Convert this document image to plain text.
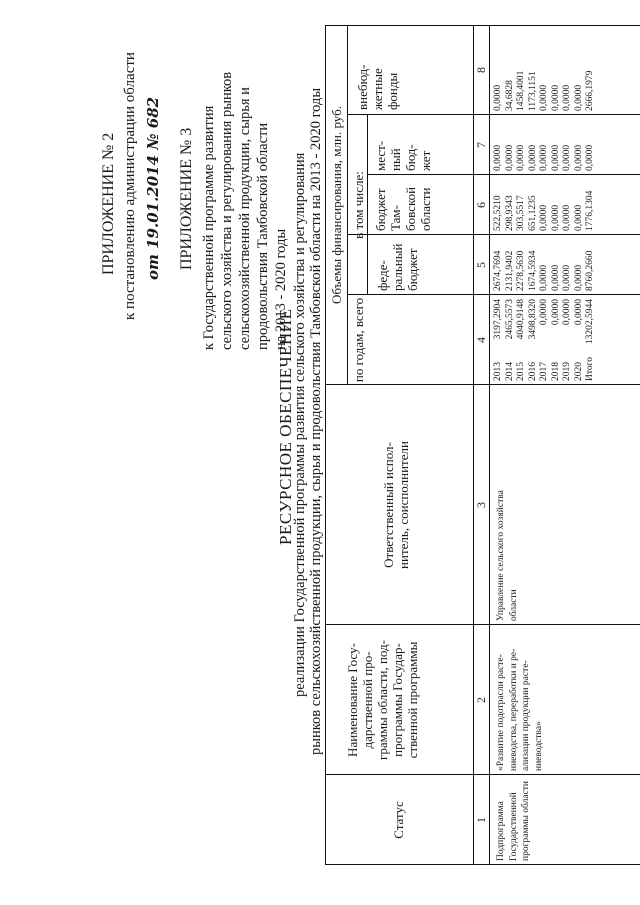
ПРИЛОЖЕНИЕ № 2 к постановлению администрации области от 19.01.2014 № 682 ПРИЛОЖЕНИЕ № 3 к Государственной программе развития сельского хозяйства и регулирования рынков сельскохозяйственной продукции, сырья и продовольствия Тамбовской области на 2013 - 2020 годы
РЕСУРСНОЕ ОБЕСПЕЧЕНИЕ
реализации Государственной программы развития сельского хозяйства и регулирования рынков сельскохозяйственной продукции, сырья и продовольствия Тамбовской области на 2013 - 2020 годы
Статус
Наименование Госу- дарственной про- граммы области, под- программы Государ- ственной программы
Ответственный испол- нитель, соисполнители
Объемы финансирования, млн. руб.
по годам, всего
в том числе:
феде- ральный бюджет
бюджет Там- бовской области
мест- ный бюд- жет
внебюд- жетные фонды
1
2
3
4
5
6
7
8
Подпрограмма Государственной программы области
«Развитие подотрасли расте- ниеводства, переработки и ре- ализации продукции расте- ниеводства»
Управление сельского хозяйства области
2013 2014 2015 2016 2017 2018 2019 2020 Итого
3197,2904 2465,5573 4040,9148 3498,8320 0,0000 0,0000 0,0000 0,0000 13202,5944
2674,7694 2131,9402 2278,5630 1674,5934 0,0000 0,0000 0,0000 0,0000 8760,2660
522,5210 298,9343 303,5517 651,1235 0,0000 0,0000 0,0000 0,0000 1776,1304
0,0000 0,0000 0,0000 0,0000 0,0000 0,0000 0,0000 0,0000 0,0000
0,0000 34,6828 1458,4001 1173,1151 0,0000 0,0000 0,0000 0,0000 2666,1979
